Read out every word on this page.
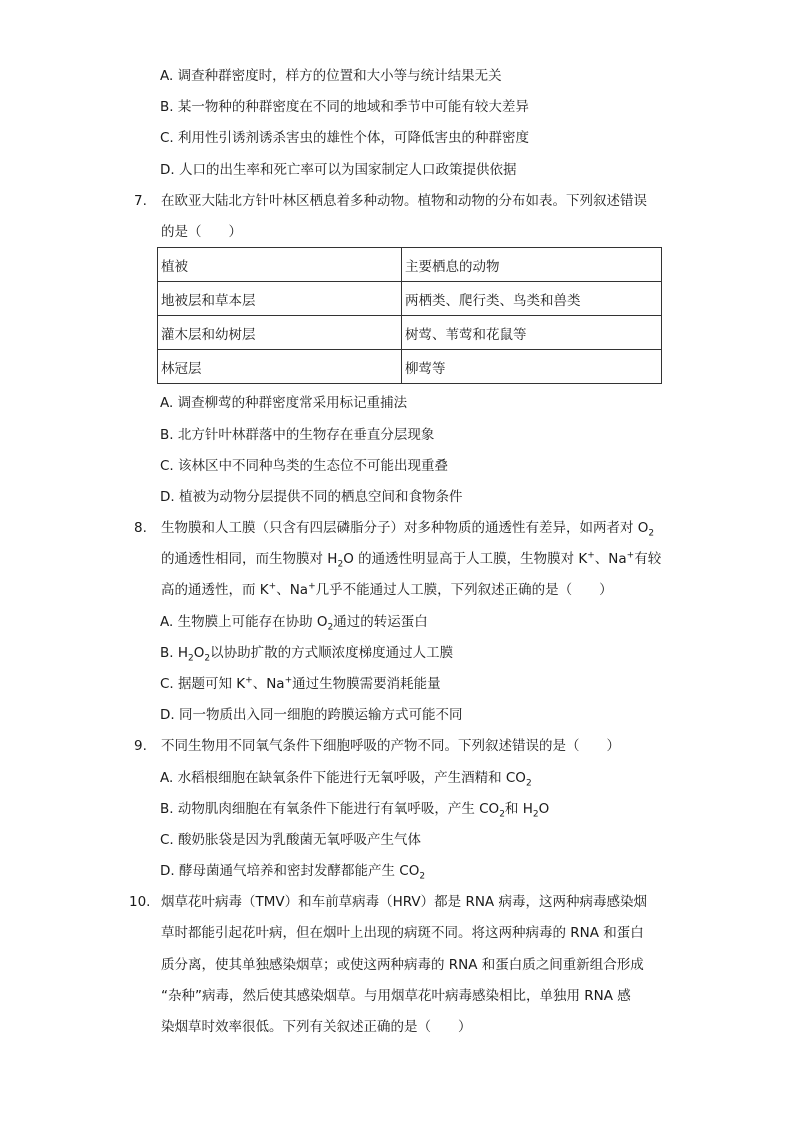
A. 调查种群密度时，样方的位置和大小等与统计结果无关
B. 某一物种的种群密度在不同的地域和季节中可能有较大差异
C. 利用性引诱剂诱杀害虫的雄性个体，可降低害虫的种群密度
D. 人口的出生率和死亡率可以为国家制定人口政策提供依据
7. 在欧亚大陆北方针叶林区栖息着多种动物。植物和动物的分布如表。下列叙述错误
的是（　　）
植被	主要栖息的动物
地被层和草本层	两栖类、爬行类、鸟类和兽类
灌木层和幼树层	树莺、苇莺和花鼠等
林冠层	柳莺等
A. 调查柳莺的种群密度常采用标记重捕法
B. 北方针叶林群落中的生物存在垂直分层现象
C. 该林区中不同种鸟类的生态位不可能出现重叠
D. 植被为动物分层提供不同的栖息空间和食物条件
8. 生物膜和人工膜（只含有四层磷脂分子）对多种物质的通透性有差异，如两者对 $O_2$
的通透性相同，而生物膜对 $H_2O$ 的通透性明显高于人工膜，生物膜对 K+、Na+有较
高的通透性，而 K+、Na+几乎不能通过人工膜，下列叙述正确的是（　　）
A. 生物膜上可能存在协助 $O_2$通过的转运蛋白
B. $H_2O_2$以协助扩散的方式顺浓度梯度通过人工膜
C. 据题可知 K+、Na+通过生物膜需要消耗能量
D. 同一物质出入同一细胞的跨膜运输方式可能不同
9. 不同生物用不同氧气条件下细胞呼吸的产物不同。下列叙述错误的是（　　）
A. 水稻根细胞在缺氧条件下能进行无氧呼吸，产生酒精和 $CO_2$
B. 动物肌肉细胞在有氧条件下能进行有氧呼吸，产生 $CO_2$和 $H_2O$
C. 酸奶胀袋是因为乳酸菌无氧呼吸产生气体
D. 酵母菌通气培养和密封发酵都能产生 $CO_2$
10. 烟草花叶病毒（TMV）和车前草病毒（HRV）都是 RNA 病毒，这两种病毒感染烟
草时都能引起花叶病，但在烟叶上出现的病斑不同。将这两种病毒的 RNA 和蛋白
质分离，使其单独感染烟草；或使这两种病毒的 RNA 和蛋白质之间重新组合形成
“杂种”病毒，然后使其感染烟草。与用烟草花叶病毒感染相比，单独用 RNA 感
染烟草时效率很低。下列有关叙述正确的是（　　）
